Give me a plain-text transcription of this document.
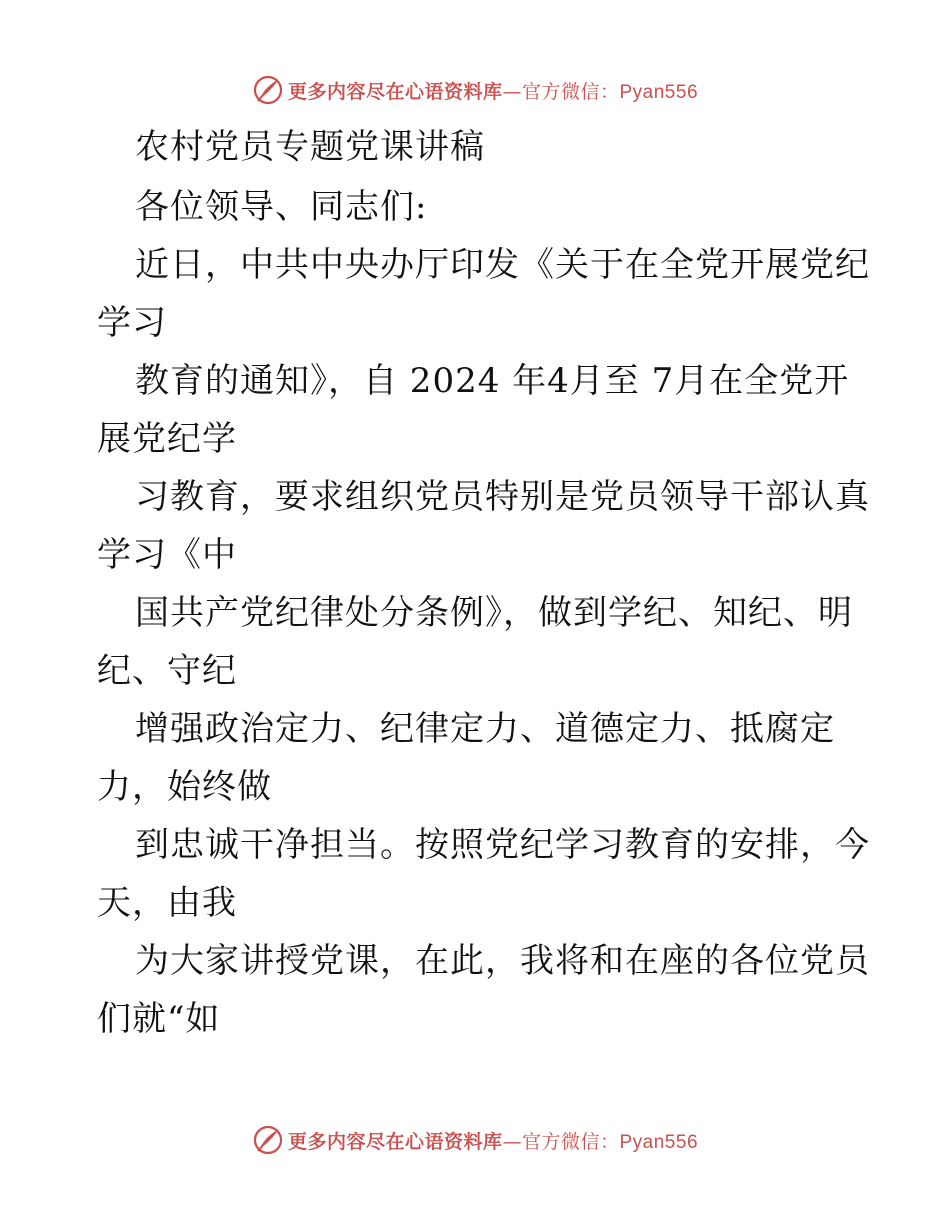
更多内容尽在心语资料库—官方微信：Pyan556
农村党员专题党课讲稿
各位领导、同志们:
近日，中共中央办厅印发《关于在全党开展党纪
学习
教育的通知》，自 2024 年4月至 7月在全党开
展党纪学
习教育，要求组织党员特别是党员领导干部认真
学习《中
国共产党纪律处分条例》，做到学纪、知纪、明
纪、守纪
增强政治定力、纪律定力、道德定力、抵腐定
力，始终做
到忠诚干净担当。按照党纪学习教育的安排，今
天，由我
为大家讲授党课，在此，我将和在座的各位党员
们就“如
更多内容尽在心语资料库—官方微信：Pyan556
